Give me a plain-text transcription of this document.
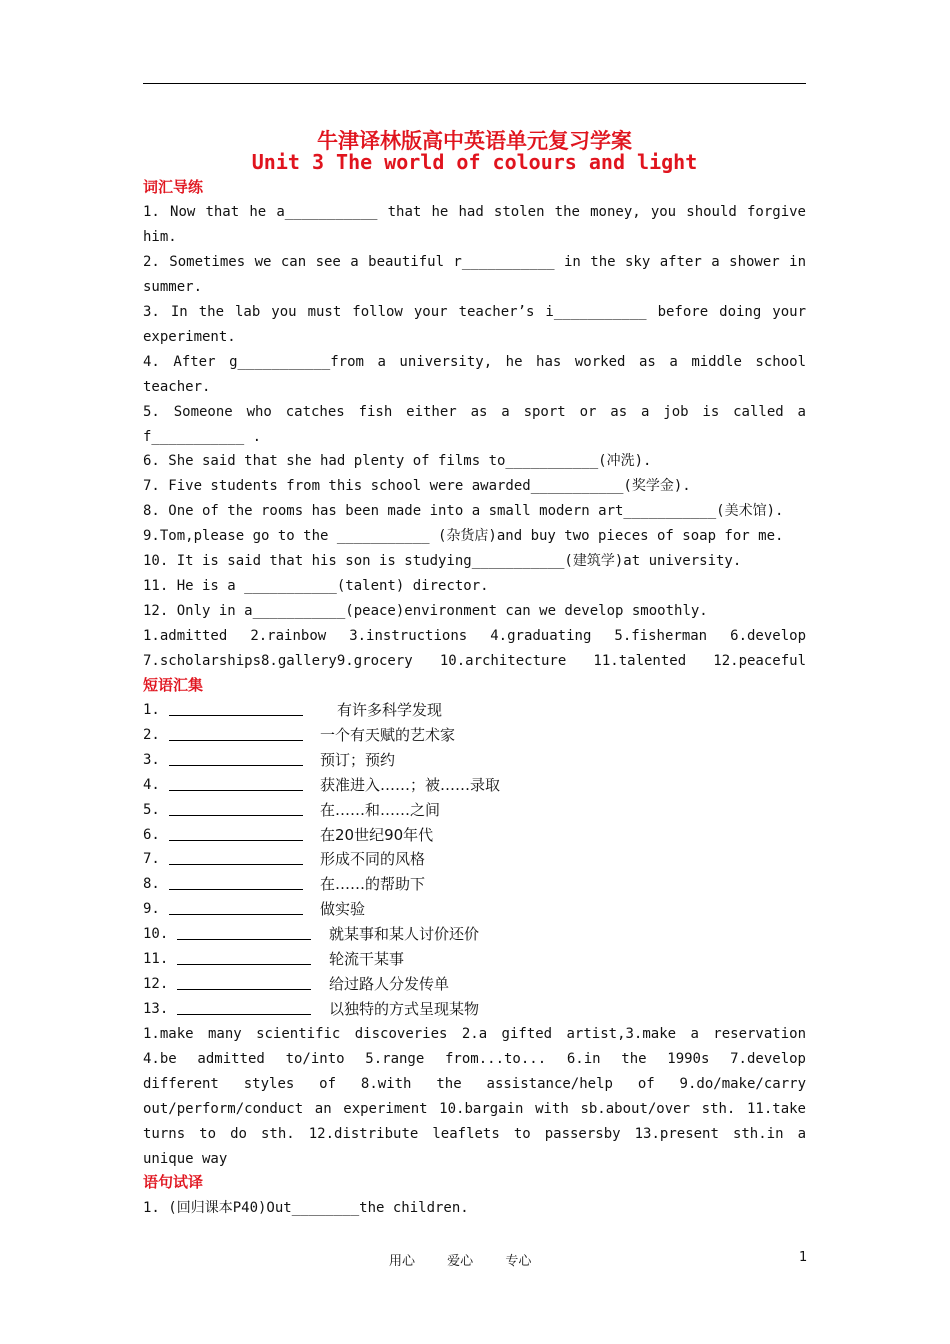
牛津译林版高中英语单元复习学案
Unit 3 The world of colours and light
词汇导练
1. Now that he a___________ that he had stolen the money, you should forgive
him.
2. Sometimes we can see a beautiful r___________ in the sky after a shower in
summer.
3. In the lab you must follow your teacher’s i___________ before doing your
experiment.
4. After g___________from a university, he has worked as a middle school
teacher.
5. Someone who catches fish either as a sport or as a job is called a
f___________ .
6. She said that she had plenty of films to___________(冲洗).
7. Five students from this school were awarded___________(奖学金).
8. One of the rooms has been made into a small modern art___________(美术馆).
9.Tom,please go to the ___________ (杂货店)and buy two pieces of soap for me.
10. It is said that his son is studying___________(建筑学)at university.
11. He is a ___________(talent) director.
12. Only in a___________(peace)environment can we develop smoothly.
1.admitted 2.rainbow 3.instructions 4.graduating 5.fisherman 6.develop
7.scholarships8.gallery9.grocery 10.architecture 11.talented 12.peaceful
短语汇集
1.	有许多科学发现
2.	一个有天赋的艺术家
3.	预订；预约
4.	获准进入……；被……录取
5.	在……和……之间
6.	在20世纪90年代
7.	形成不同的风格
8.	在……的帮助下
9.	做实验
10.	就某事和某人讨价还价
11.	轮流干某事
12.	给过路人分发传单
13.	以独特的方式呈现某物
1.make many scientific discoveries 2.a gifted artist,3.make a reservation
4.be admitted to/into 5.range from...to... 6.in the 1990s 7.develop
different styles of 8.with the assistance/help of 9.do/make/carry
out/perform/conduct an experiment 10.bargain with sb.about/over sth. 11.take
turns to do sth. 12.distribute leaflets to passersby 13.present sth.in a
unique way
语句试译
1. (回归课本P40)Out________the children.
用心 爱心 专心	1
